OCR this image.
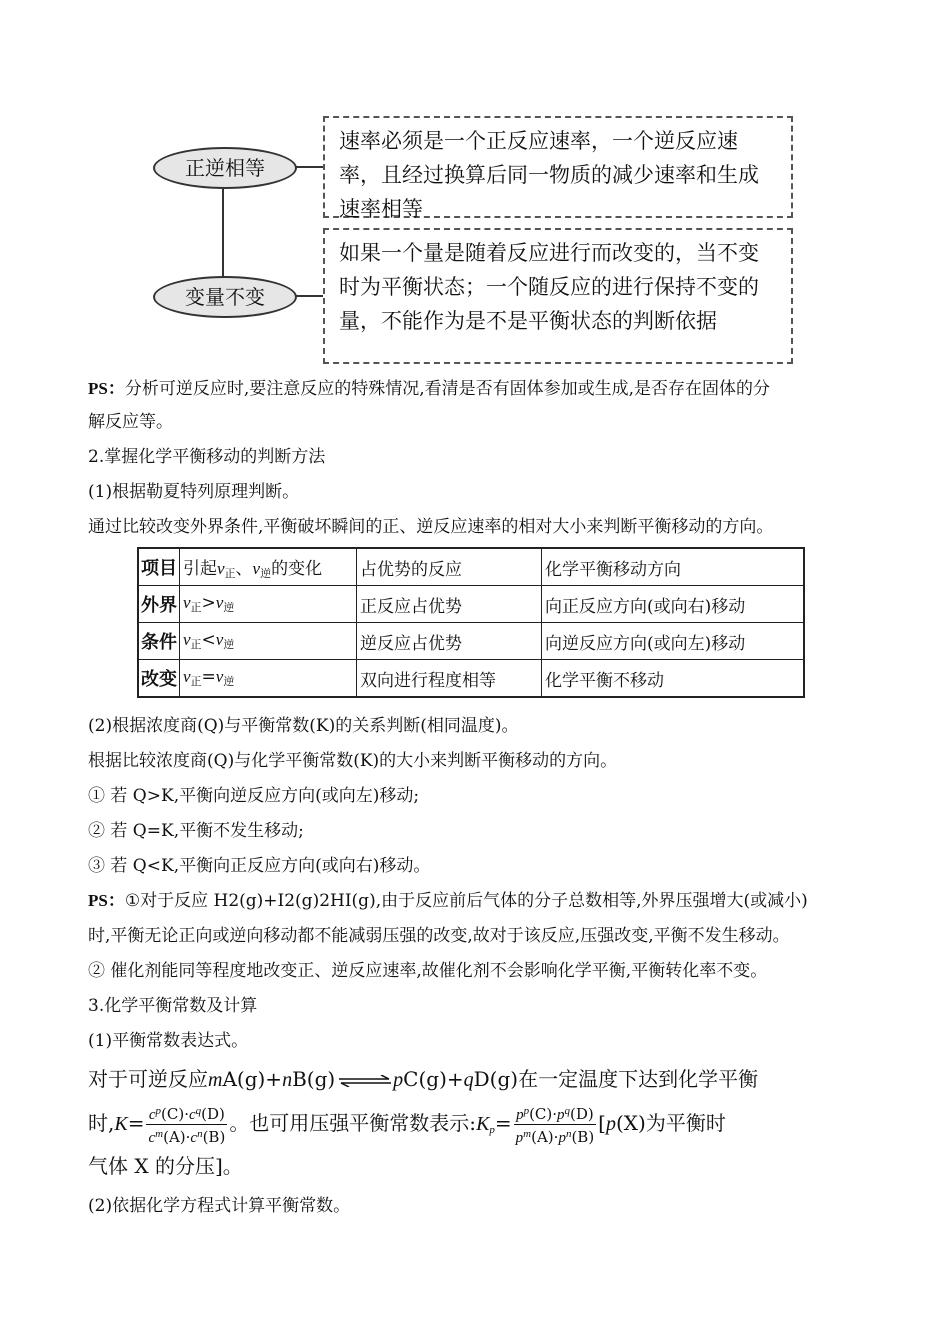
正逆相等
变量不变
速率必须是一个正反应速率，一个逆反应速率，且经过换算后同一物质的减少速率和生成速率相等
如果一个量是随着反应进行而改变的，当不变时为平衡状态；一个随反应的进行保持不变的量，不能作为是不是平衡状态的判断依据
PS：分析可逆反应时,要注意反应的特殊情况,看清是否有固体参加或生成,是否存在固体的分
解反应等。
2.掌握化学平衡移动的判断方法
(1)根据勒夏特列原理判断。
通过比较改变外界条件,平衡破坏瞬间的正、逆反应速率的相对大小来判断平衡移动的方向。
项目	引起$v_正$、$v_逆$的变化	占优势的反应	化学平衡移动方向
外界	$v_正>v_逆$	正反应占优势	向正反应方向(或向右)移动
条件	$v_正<v_逆$	逆反应占优势	向逆反应方向(或向左)移动
改变	$v_正=v_逆$	双向进行程度相等	化学平衡不移动
(2)根据浓度商(Q)与平衡常数(K)的关系判断(相同温度)。
根据比较浓度商(Q)与化学平衡常数(K)的大小来判断平衡移动的方向。
① 若 Q>K,平衡向逆反应方向(或向左)移动;
② 若 Q=K,平衡不发生移动;
③ 若 Q<K,平衡向正反应方向(或向右)移动。
PS：①对于反应 H2(g)+I2(g)2HI(g),由于反应前后气体的分子总数相等,外界压强增大(或减小)
时,平衡无论正向或逆向移动都不能减弱压强的改变,故对于该反应,压强改变,平衡不发生移动。
② 催化剂能同等程度地改变正、逆反应速率,故催化剂不会影响化学平衡,平衡转化率不变。
3.化学平衡常数及计算
(1)平衡常数表达式。
对于可逆反应mA(g)+nB(g)⇌pC(g)+qD(g)在一定温度下达到化学平衡
时$,K= \frac{c^p(C)\cdot c^q(D)}{c^m(A)\cdot c^n(B)}$ 。也可用压强平衡常数表示$:K_p= \frac{p^p(C)\cdot p^q(D)}{p^m(A)\cdot p^n(B)} [p(X)$为平衡时
气体 X 的分压]。
(2)依据化学方程式计算平衡常数。
